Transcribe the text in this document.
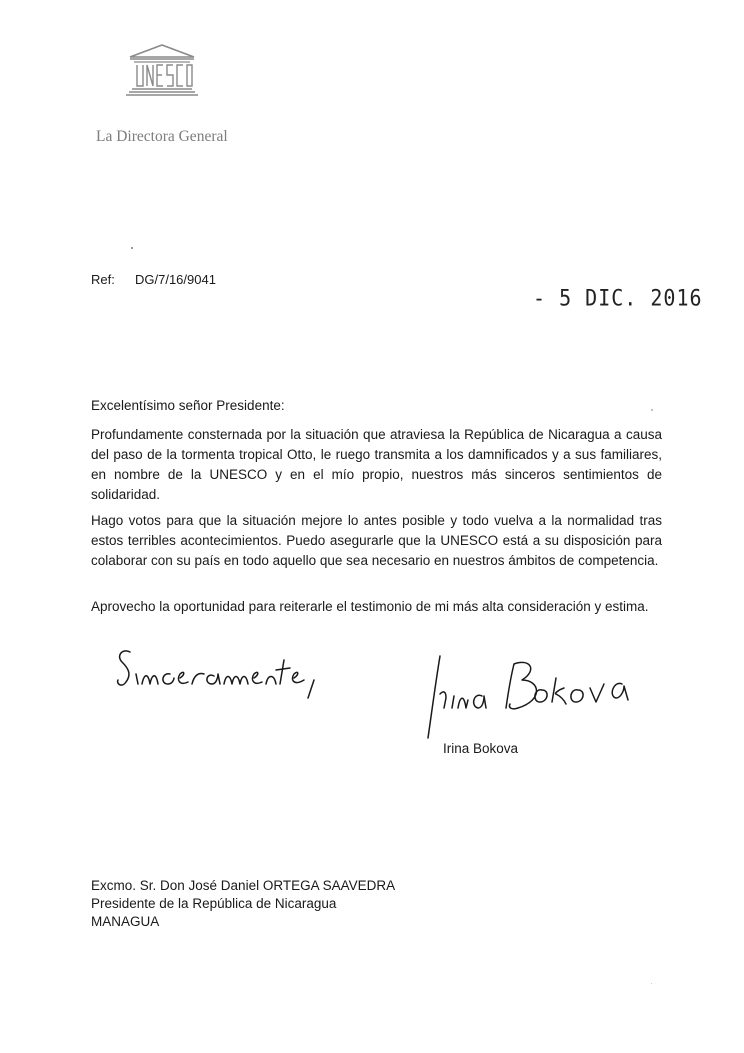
La Directora General
Ref: DG/7/16/9041
- 5 DIC. 2016
Excelentísimo señor Presidente:
Profundamente consternada por la situación que atraviesa la República de Nicaragua a causa del paso de la tormenta tropical Otto, le ruego transmita a los damnificados y a sus familiares, en nombre de la UNESCO y en el mío propio, nuestros más sinceros sentimientos de solidaridad.
Hago votos para que la situación mejore lo antes posible y todo vuelva a la normalidad tras estos terribles acontecimientos. Puedo asegurarle que la UNESCO está a su disposición para colaborar con su país en todo aquello que sea necesario en nuestros ámbitos de competencia.
Aprovecho la oportunidad para reiterarle el testimonio de mi más alta consideración y estima.
Irina Bokova
Excmo. Sr. Don José Daniel ORTEGA SAAVEDRA
Presidente de la República de Nicaragua
MANAGUA
